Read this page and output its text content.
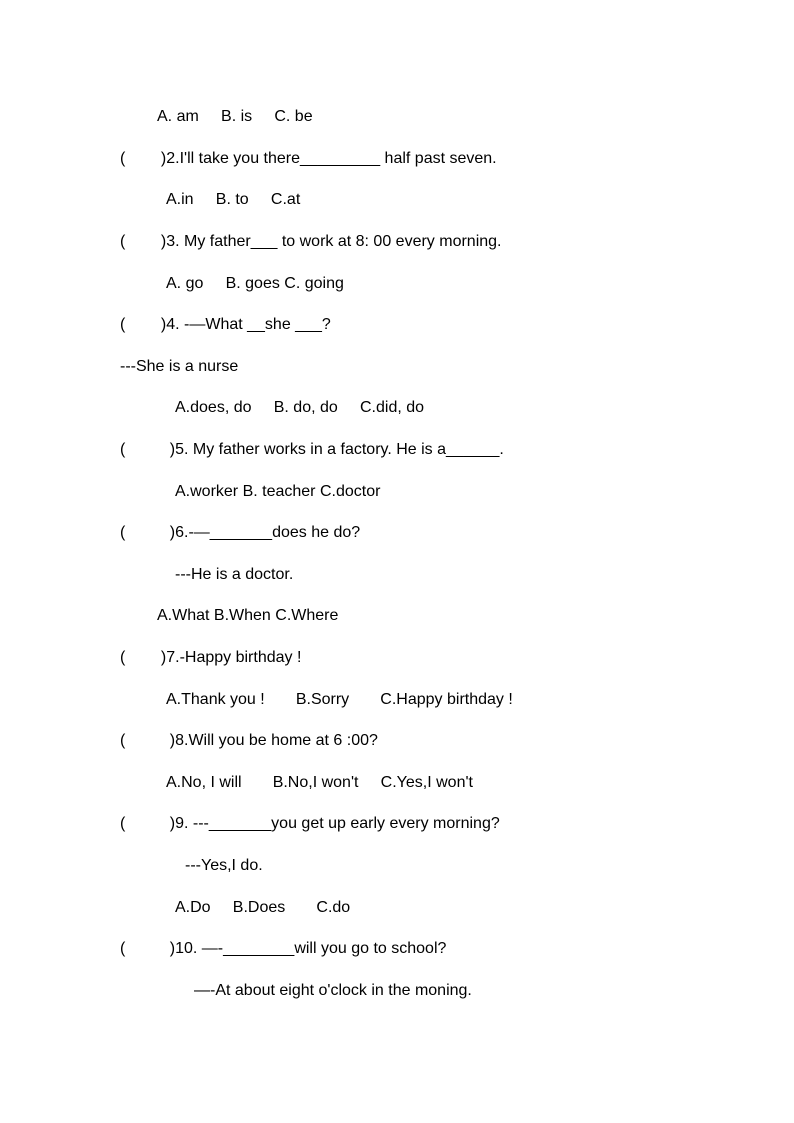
A. am     B. is     C. be
(        )2.I'll take you there_________ half past seven.
A.in     B. to     C.at
(        )3. My father___ to work at 8: 00 every morning.
A. go     B. goes C. going
(        )4. -—What __she ___?
---She is a nurse
A.does, do     B. do, do     C.did, do
(          )5. My father works in a factory. He is a______.
A.worker B. teacher C.doctor
(          )6.-—_______does he do?
---He is a doctor.
A.What B.When C.Where
(        )7.-Happy birthday !
A.Thank you !       B.Sorry       C.Happy birthday !
(          )8.Will you be home at 6 :00?
A.No, I will       B.No,I won't     C.Yes,I won't
(          )9. ---_______you get up early every morning?
---Yes,I do.
A.Do     B.Does       C.do
(          )10. —-________will you go to school?
—-At about eight o'clock in the moning.
